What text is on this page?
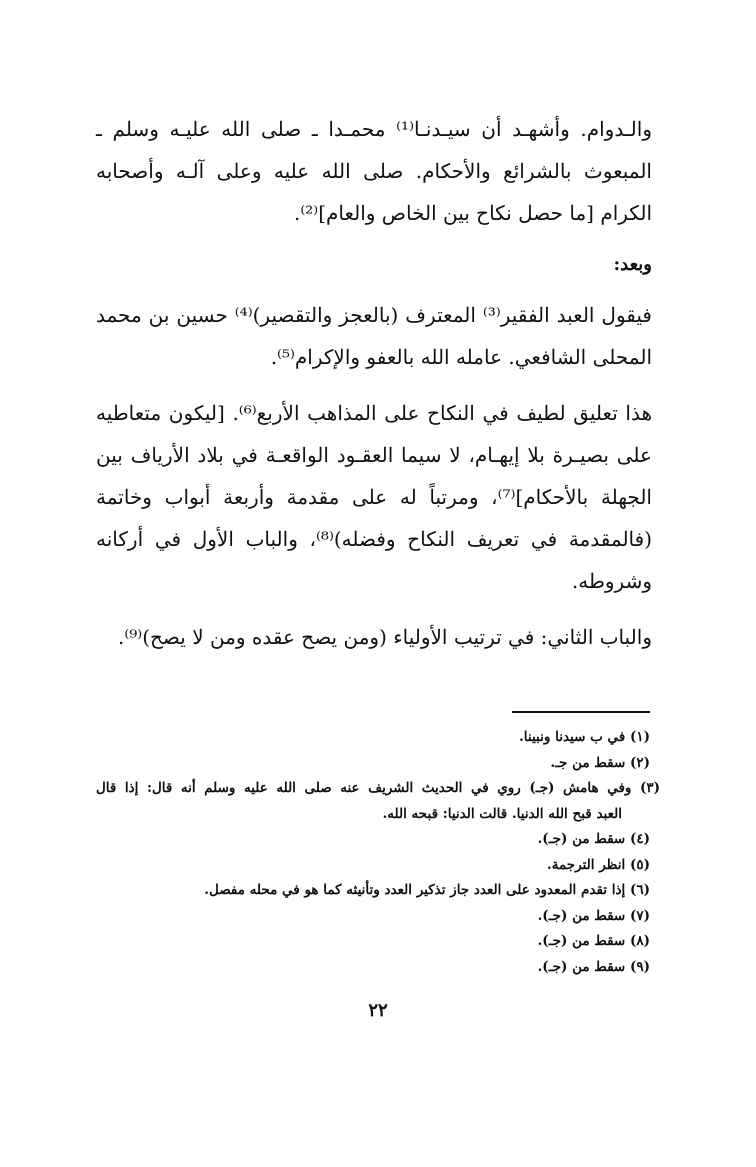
والـدوام. وأشهـد أن سيـدنـا⁽¹⁾ محمـدا ـ صلى الله عليـه وسلم ـ المبعوث بالشرائع والأحكام. صلى الله عليه وعلى آلـه وأصحابه الكرام [ما حصل نكاح بين الخاص والعام]⁽²⁾.

وبعد:

فيقول العبد الفقير⁽³⁾ المعترف (بالعجز والتقصير)⁽⁴⁾ حسين بن محمد المحلى الشافعي. عامله الله بالعفو والإكرام⁽⁵⁾.

هذا تعليق لطيف في النكاح على المذاهب الأربع⁽⁶⁾. [ليكون متعاطيه على بصيـرة بلا إيهـام، لا سيما العقـود الواقعـة في بلاد الأرياف بين الجهلة بالأحكام]⁽⁷⁾، ومرتباً له على مقدمة وأربعة أبواب وخاتمة (فالمقدمة في تعريف النكاح وفضله)⁽⁸⁾، والباب الأول في أركانه وشروطه.

والباب الثاني: في ترتيب الأولياء (ومن يصح عقده ومن لا يصح)⁽⁹⁾.

(١) في ب سيدنا ونبينا.

(٢) سقط من جـ.

(٣) وفي هامش (جـ) روي في الحديث الشريف عنه صلى الله عليه وسلم أنه قال: إذا قال

العبد قبح الله الدنيا. قالت الدنيا: قبحه الله.

(٤) سقط من (جـ).

(٥) انظر الترجمة.

(٦) إذا تقدم المعدود على العدد جاز تذكير العدد وتأنيثه كما هو في محله مفصل.

(٧) سقط من (جـ).

(٨) سقط من (جـ).

(٩) سقط من (جـ).

٢٢
